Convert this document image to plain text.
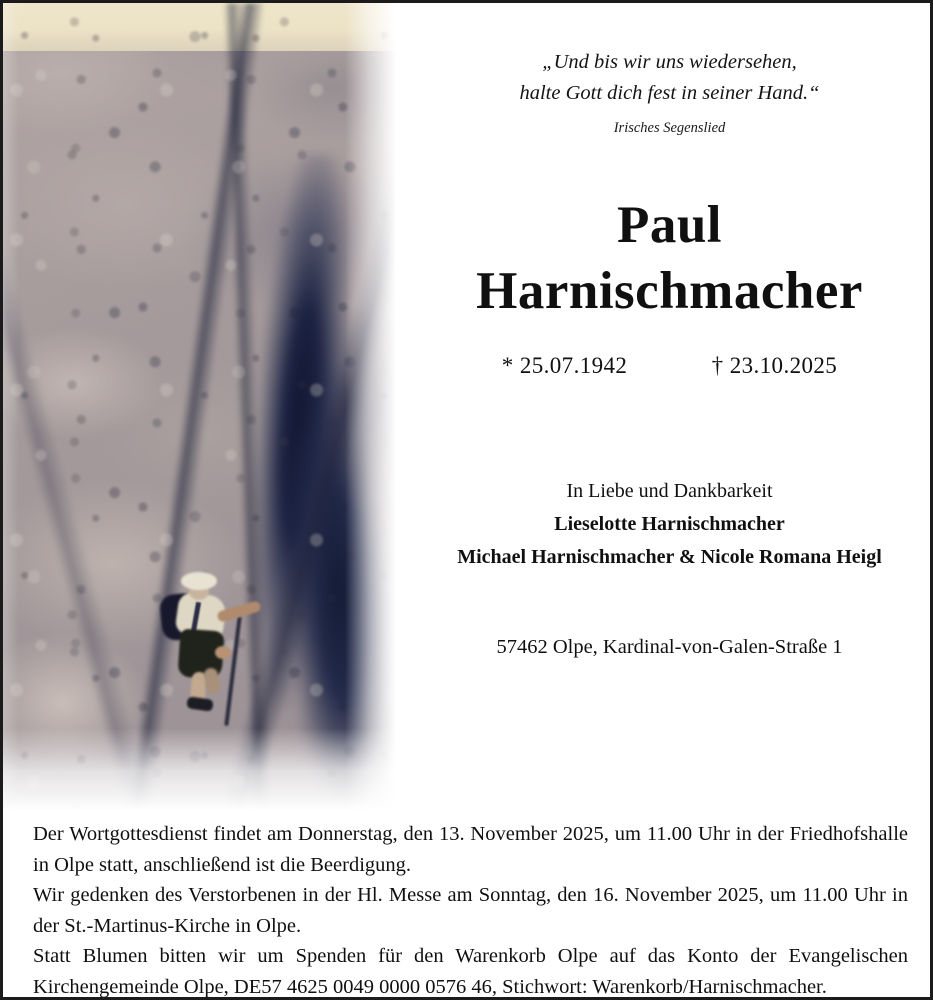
„Und bis wir uns wiedersehen,
halte Gott dich fest in seiner Hand.“
Irisches Segenslied
Paul
Harnischmacher
* 25.07.1942	† 23.10.2025
In Liebe und Dankbarkeit
Lieselotte Harnischmacher
Michael Harnischmacher & Nicole Romana Heigl
57462 Olpe, Kardinal-von-Galen-Straße 1

Der Wortgottesdienst findet am Donnerstag, den 13. November 2025, um 11.00 Uhr in der Friedhofshalle in Olpe statt, anschließend ist die Beerdigung.

Wir gedenken des Verstorbenen in der Hl. Messe am Sonntag, den 16. November 2025, um 11.00 Uhr in der St.-Martinus-Kirche in Olpe.

Statt Blumen bitten wir um Spenden für den Warenkorb Olpe auf das Konto der Evangelischen Kirchengemeinde Olpe, DE57 4625 0049 0000 0576 46, Stichwort: Warenkorb/Harnischmacher.
